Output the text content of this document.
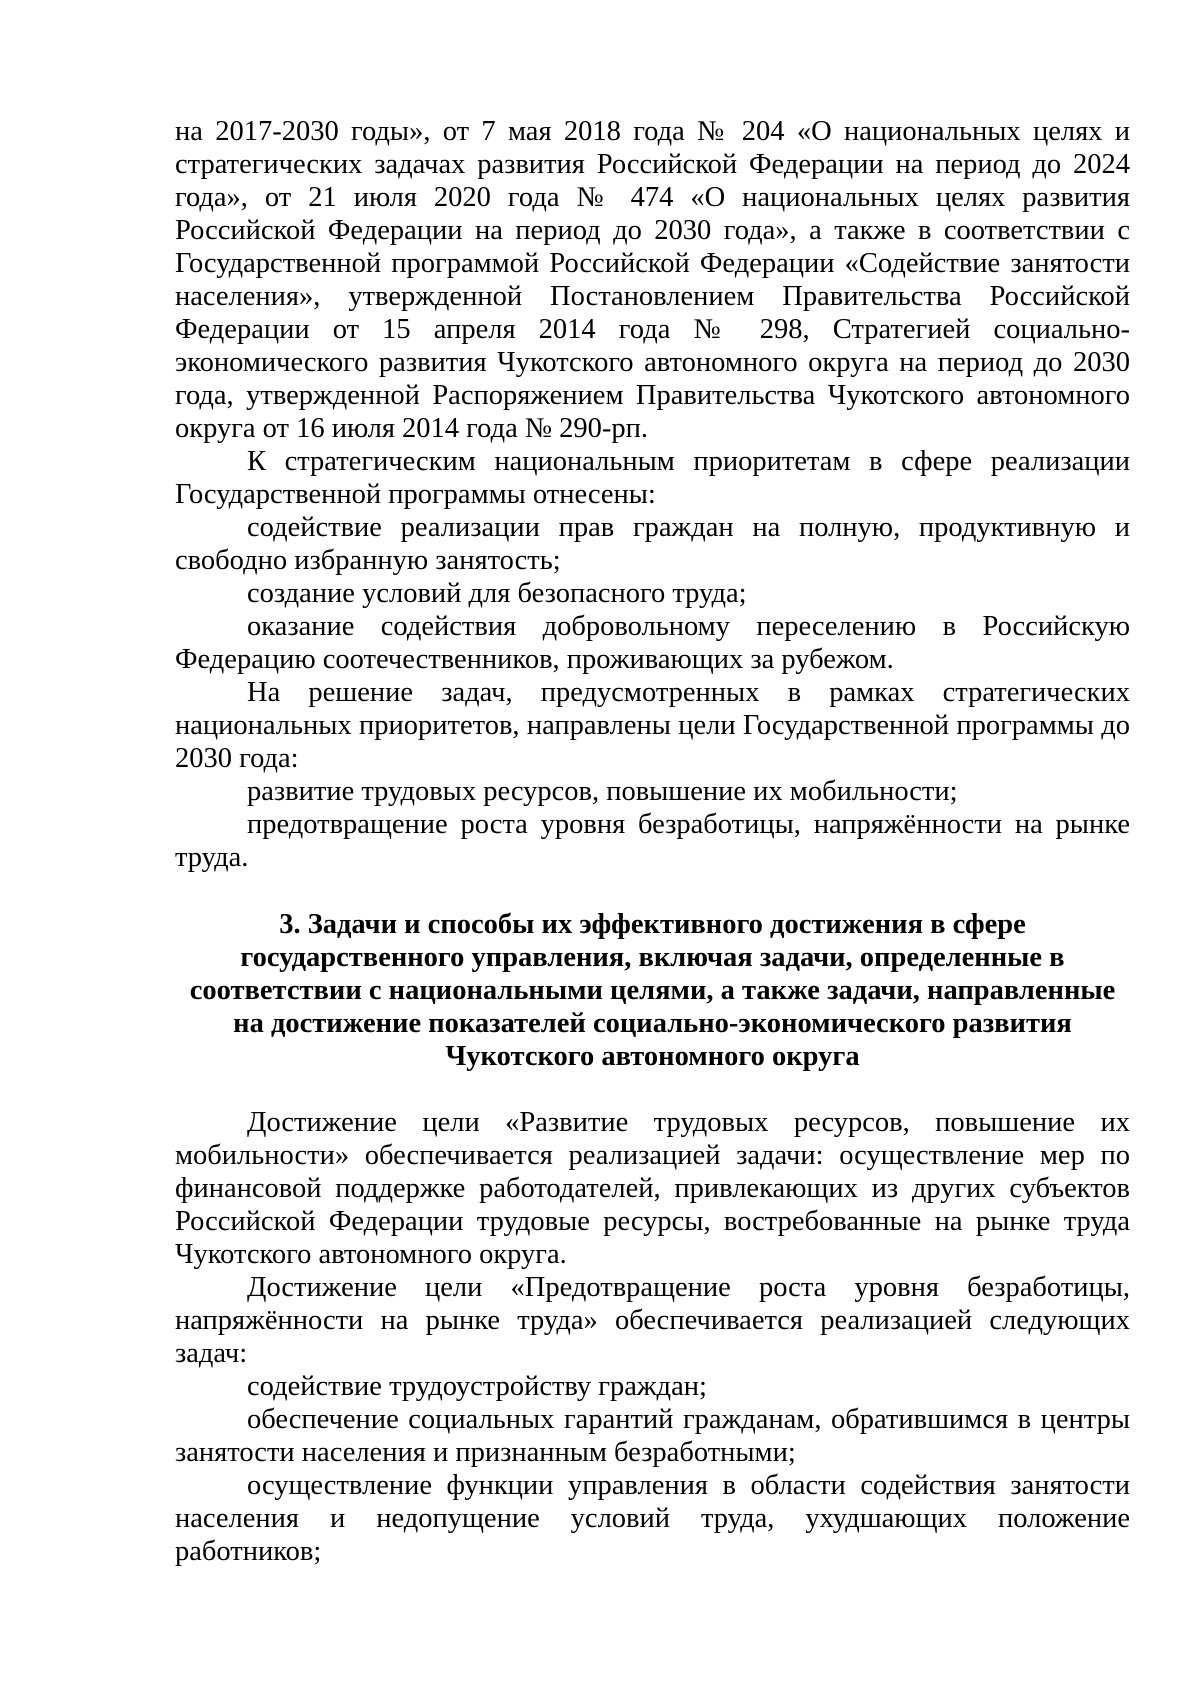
на 2017-2030 годы», от 7 мая 2018 года № 204 «О национальных целях и стратегических задачах развития Российской Федерации на период до 2024 года», от 21 июля 2020 года № 474 «О национальных целях развития Российской Федерации на период до 2030 года», а также в соответствии с Государственной программой Российской Федерации «Содействие занятости населения», утвержденной Постановлением Правительства Российской Федерации от 15 апреля 2014 года № 298, Стратегией социально-экономического развития Чукотского автономного округа на период до 2030 года, утвержденной Распоряжением Правительства Чукотского автономного округа от 16 июля 2014 года № 290-рп.

К стратегическим национальным приоритетам в сфере реализации Государственной программы отнесены:

содействие реализации прав граждан на полную, продуктивную и свободно избранную занятость;

создание условий для безопасного труда;

оказание содействия добровольному переселению в Российскую Федерацию соотечественников, проживающих за рубежом.

На решение задач, предусмотренных в рамках стратегических национальных приоритетов, направлены цели Государственной программы до 2030 года:

развитие трудовых ресурсов, повышение их мобильности;

предотвращение роста уровня безработицы, напряжённости на рынке труда.

3. Задачи и способы их эффективного достижения в сфере
государственного управления, включая задачи, определенные в
соответствии с национальными целями, а также задачи, направленные
на достижение показателей социально-экономического развития
Чукотского автономного округа

Достижение цели «Развитие трудовых ресурсов, повышение их мобильности» обеспечивается реализацией задачи: осуществление мер по финансовой поддержке работодателей, привлекающих из других субъектов Российской Федерации трудовые ресурсы, востребованные на рынке труда Чукотского автономного округа.

Достижение цели «Предотвращение роста уровня безработицы, напряжённости на рынке труда» обеспечивается реализацией следующих задач:

содействие трудоустройству граждан;

обеспечение социальных гарантий гражданам, обратившимся в центры занятости населения и признанным безработными;

осуществление функции управления в области содействия занятости населения и недопущение условий труда, ухудшающих положение работников;
